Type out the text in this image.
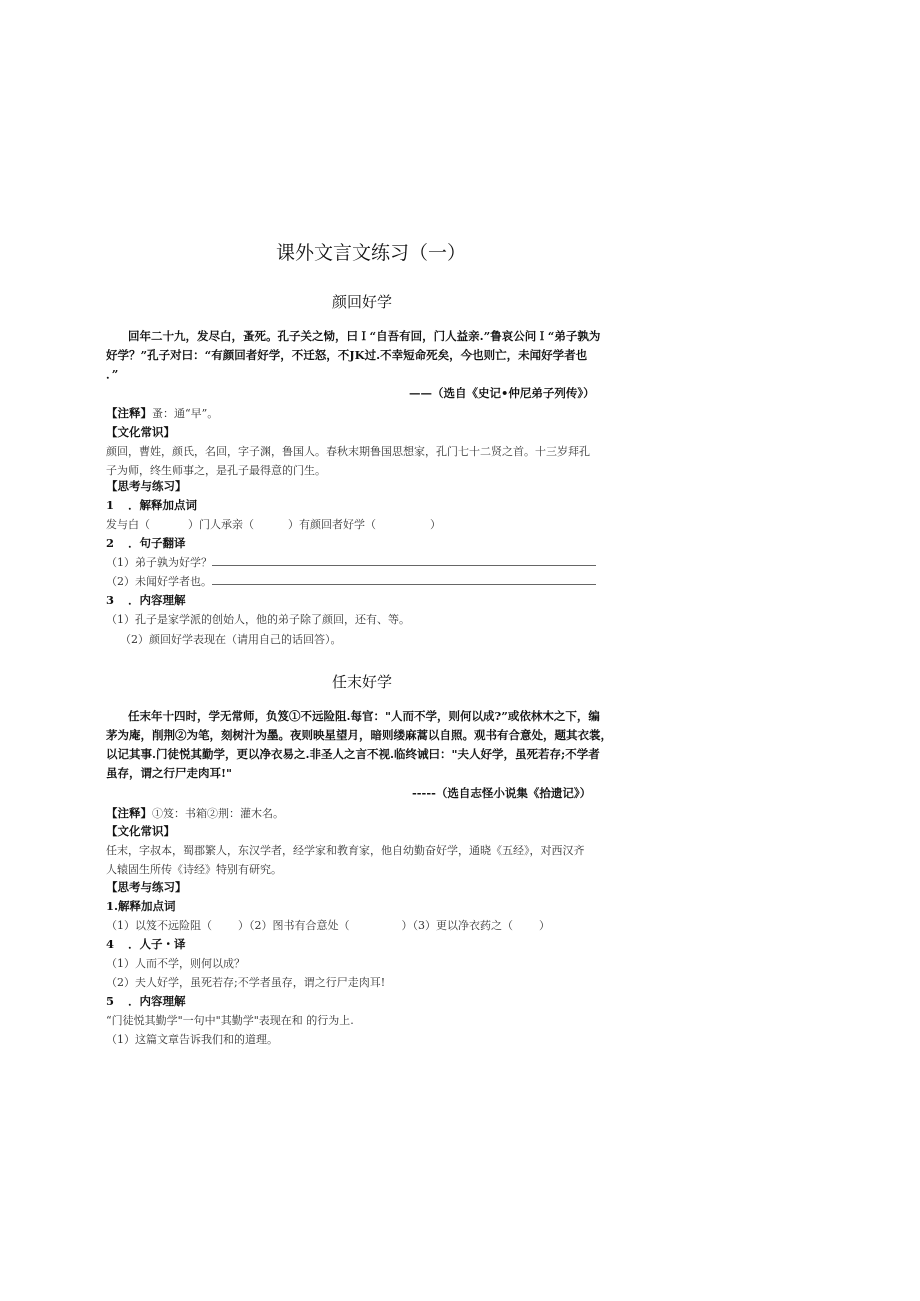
课外文言文练习（一）
颜回好学
回年二十九，发尽白，蚤死。孔子关之恸，曰Ｉ“自吾有回，门人益亲.”鲁哀公问Ｉ“弟子孰为
好学？”孔子对曰：“有颜回者好学，不迁怒，不JK过.不幸短命死矣，今也则亡，未闻好学者也
．”
——（选自《史记•仲尼弟子列传》）
【注释】蚤：通“早”。
【文化常识】
颜回，曹姓，颜氏，名回，字子渊，鲁国人。春秋末期鲁国思想家，孔门七十二贤之首。十三岁拜孔
子为师，终生师事之，是孔子最得意的门生。
【思考与练习】
1 ．解释加点词
发与白（	）门人承亲（	）有颜回者好学（	）
2 ．句子翻译
（1）弟子孰为好学？
（2）未闻好学者也。
3 ．内容理解
（1）孔子是家学派的创始人，他的弟子除了颜回，还有、等。
（2）颜回好学表现在（请用自己的话回答）。
任末好学
任末年十四时，学无常师，负笈①不远险阻.每官："人而不学，则何以成?”或依林木之下，编
茅为庵，削荆②为笔，刻树汁为墨。夜则映星望月，暗则缕麻蒿以自照。观书有合意处，题其衣裳，
以记其事.门徒悦其勤学，更以净衣易之.非圣人之言不视.临终诫曰："夫人好学，虽死若存;不学者
虽存，谓之行尸走肉耳!"
-----（选自志怪小说集《拾遗记》）
【注释】①笈：书箱②荆：灌木名。
【文化常识】
任末，字叔本，蜀郡繁人，东汉学者，经学家和教育家，他自幼勤奋好学，通晓《五经》，对西汉齐
人辕固生所传《诗经》特别有研究。
【思考与练习】
1.解释加点词
（1）以笈不远险阻（ ）（2）图书有合意处（	）（3）更以净衣药之（ ）
4 ．人子・译
（1）人而不学，则何以成？
（2）夫人好学，虽死若存;不学者虽存，谓之行尸走肉耳!
5 ．内容理解
“门徒悦其勤学"一句中"其勤学"表现在和 的行为上.
（1）这篇文章告诉我们和的道理。
